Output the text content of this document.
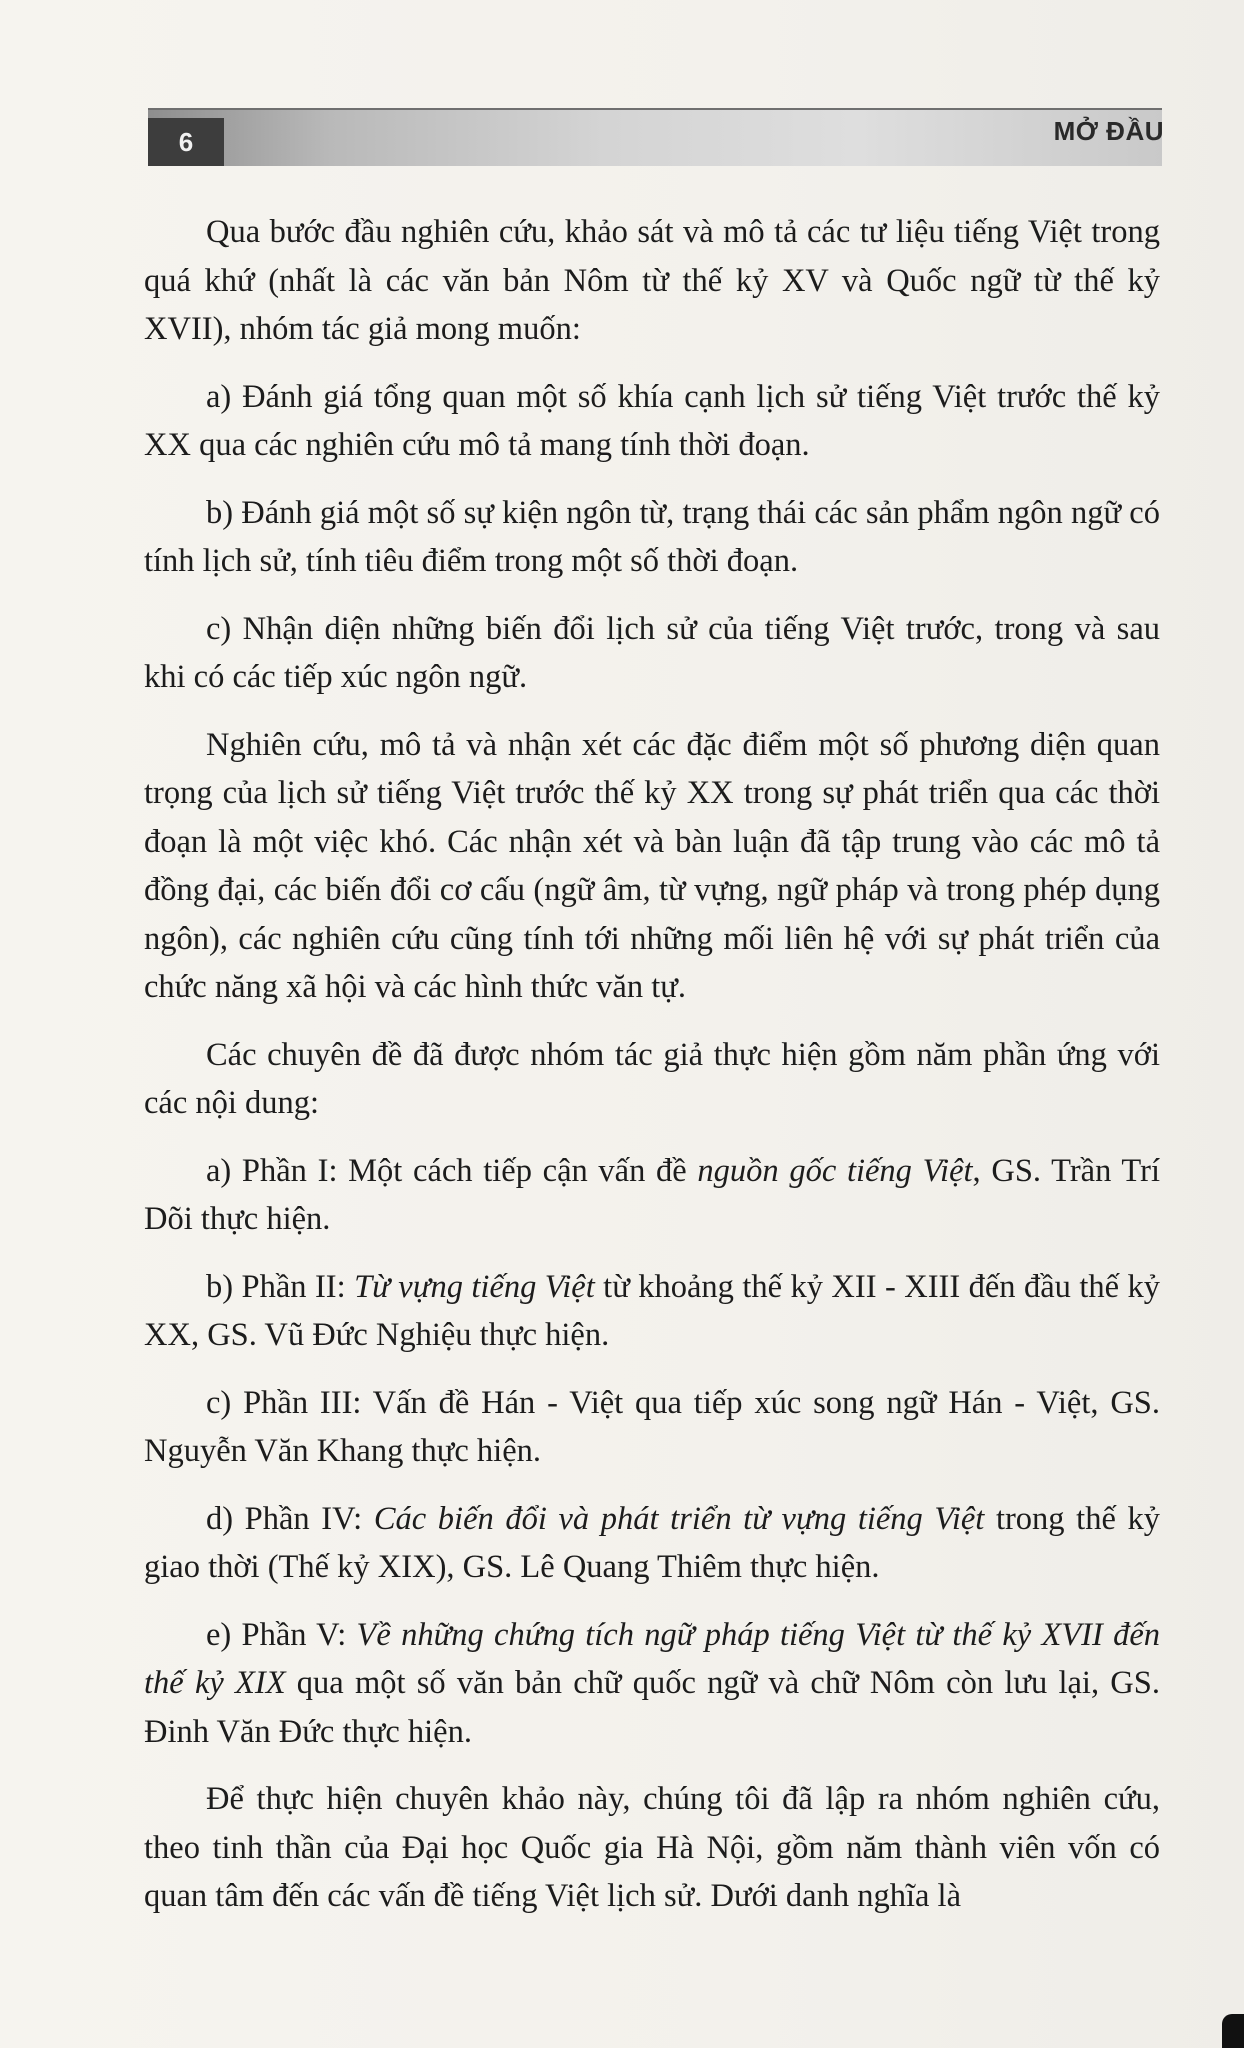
6	MỞ ĐẦU

Qua bước đầu nghiên cứu, khảo sát và mô tả các tư liệu tiếng Việt trong quá khứ (nhất là các văn bản Nôm từ thế kỷ XV và Quốc ngữ từ thế kỷ XVII), nhóm tác giả mong muốn:

a) Đánh giá tổng quan một số khía cạnh lịch sử tiếng Việt trước thế kỷ XX qua các nghiên cứu mô tả mang tính thời đoạn.

b) Đánh giá một số sự kiện ngôn từ, trạng thái các sản phẩm ngôn ngữ có tính lịch sử, tính tiêu điểm trong một số thời đoạn.

c) Nhận diện những biến đổi lịch sử của tiếng Việt trước, trong và sau khi có các tiếp xúc ngôn ngữ.

Nghiên cứu, mô tả và nhận xét các đặc điểm một số phương diện quan trọng của lịch sử tiếng Việt trước thế kỷ XX trong sự phát triển qua các thời đoạn là một việc khó. Các nhận xét và bàn luận đã tập trung vào các mô tả đồng đại, các biến đổi cơ cấu (ngữ âm, từ vựng, ngữ pháp và trong phép dụng ngôn), các nghiên cứu cũng tính tới những mối liên hệ với sự phát triển của chức năng xã hội và các hình thức văn tự.

Các chuyên đề đã được nhóm tác giả thực hiện gồm năm phần ứng với các nội dung:

a) Phần I: Một cách tiếp cận vấn đề nguồn gốc tiếng Việt, GS. Trần Trí Dõi thực hiện.

b) Phần II: Từ vựng tiếng Việt từ khoảng thế kỷ XII - XIII đến đầu thế kỷ XX, GS. Vũ Đức Nghiệu thực hiện.

c) Phần III: Vấn đề Hán - Việt qua tiếp xúc song ngữ Hán - Việt, GS. Nguyễn Văn Khang thực hiện.

d) Phần IV: Các biến đổi và phát triển từ vựng tiếng Việt trong thế kỷ giao thời (Thế kỷ XIX), GS. Lê Quang Thiêm thực hiện.

e) Phần V: Về những chứng tích ngữ pháp tiếng Việt từ thế kỷ XVII đến thế kỷ XIX qua một số văn bản chữ quốc ngữ và chữ Nôm còn lưu lại, GS. Đinh Văn Đức thực hiện.

Để thực hiện chuyên khảo này, chúng tôi đã lập ra nhóm nghiên cứu, theo tinh thần của Đại học Quốc gia Hà Nội, gồm năm thành viên vốn có quan tâm đến các vấn đề tiếng Việt lịch sử. Dưới danh nghĩa là
